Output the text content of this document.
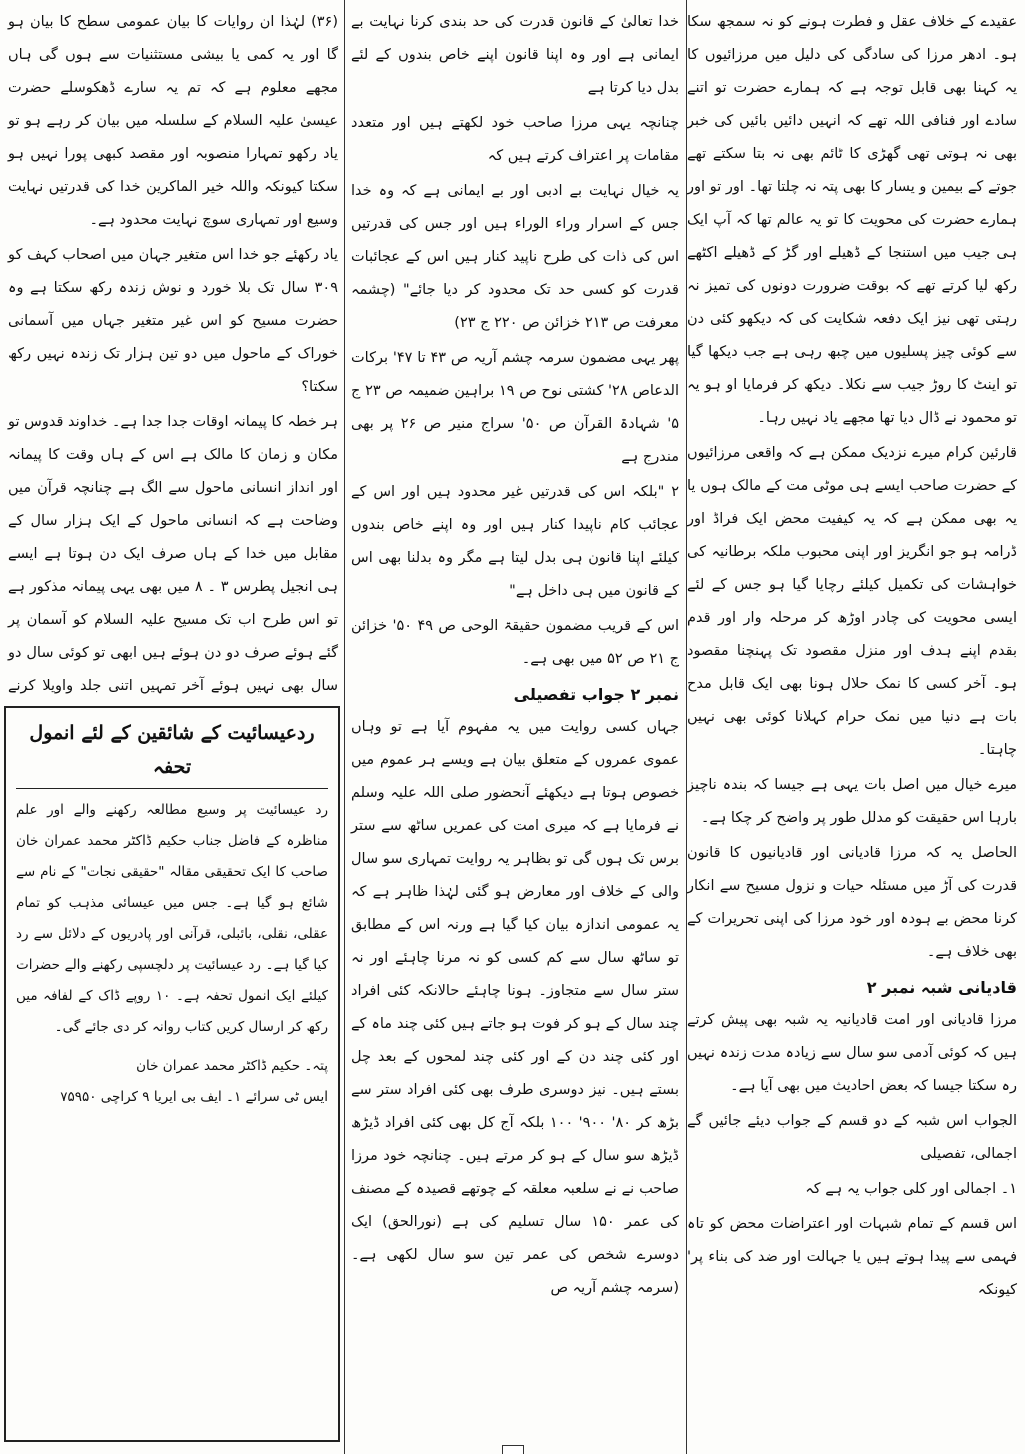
عقیدے کے خلاف عقل و فطرت ہونے کو نہ سمجھ سکا ہو۔ ادھر مرزا کی سادگی کی دلیل میں مرزائیوں کا یہ کہنا بھی قابل توجہ ہے کہ ہمارے حضرت تو اتنے سادے اور فنافی اللہ تھے کہ انہیں دائیں بائیں کی خبر بھی نہ ہوتی تھی گھڑی کا ٹائم بھی نہ بتا سکتے تھے جوتے کے بیمین و یسار کا بھی پتہ نہ چلتا تھا۔ اور تو اور ہمارے حضرت کی محویت کا تو یہ عالم تھا کہ آپ ایک ہی جیب میں استنجا کے ڈھیلے اور گڑ کے ڈھیلے اکٹھے رکھ لیا کرتے تھے کہ بوقت ضرورت دونوں کی تمیز نہ رہتی تھی نیز ایک دفعہ شکایت کی کہ دیکھو کئی دن سے کوئی چیز پسلیوں میں چبھ رہی ہے جب دیکھا گیا تو اینٹ کا روڑ جیب سے نکلا۔ دیکھ کر فرمایا او ہو یہ تو محمود نے ڈال دیا تھا مجھے یاد نہیں رہا۔

قارئین کرام میرے نزدیک ممکن ہے کہ واقعی مرزائیوں کے حضرت صاحب ایسے ہی موٹی مت کے مالک ہوں یا یہ بھی ممکن ہے کہ یہ کیفیت محض ایک فراڈ اور ڈرامہ ہو جو انگریز اور اپنی محبوب ملکہ برطانیہ کی خواہشات کی تکمیل کیلئے رچایا گیا ہو جس کے لئے ایسی محویت کی چادر اوڑھ کر مرحلہ وار اور قدم بقدم اپنے ہدف اور منزل مقصود تک پہنچنا مقصود ہو۔ آخر کسی کا نمک حلال ہونا بھی ایک قابل مدح بات ہے دنیا میں نمک حرام کہلانا کوئی بھی نہیں چاہتا۔

میرے خیال میں اصل بات یہی ہے جیسا کہ بندہ ناچیز بارہا اس حقیقت کو مدلل طور پر واضح کر چکا ہے۔

الحاصل یہ کہ مرزا قادیانی اور قادیانیوں کا قانون قدرت کی آڑ میں مسئلہ حیات و نزول مسیح سے انکار کرنا محض بے ہودہ اور خود مرزا کی اپنی تحریرات کے بھی خلاف ہے۔

قادیانی شبہ نمبر ۲

مرزا قادیانی اور امت قادیانیہ یہ شبہ بھی پیش کرتے ہیں کہ کوئی آدمی سو سال سے زیادہ مدت زندہ نہیں رہ سکتا جیسا کہ بعض احادیث میں بھی آیا ہے۔

الجواب اس شبہ کے دو قسم کے جواب دیئے جائیں گے اجمالی، تفصیلی

۱۔ اجمالی اور کلی جواب یہ ہے کہ

اس قسم کے تمام شبہات اور اعتراضات محض کو تاہ فہمی سے پیدا ہوتے ہیں یا جہالت اور ضد کی بناء پر' کیونکہ

خدا تعالیٰ کے قانون قدرت کی حد بندی کرنا نہایت بے ایمانی ہے اور وہ اپنا قانون اپنے خاص بندوں کے لئے بدل دیا کرتا ہے

چنانچہ یہی مرزا صاحب خود لکھتے ہیں اور متعدد مقامات پر اعتراف کرتے ہیں کہ

یہ خیال نہایت بے ادبی اور بے ایمانی ہے کہ وہ خدا جس کے اسرار وراء الوراء ہیں اور جس کی قدرتیں اس کی ذات کی طرح ناپید کنار ہیں اس کے عجائبات قدرت کو کسی حد تک محدود کر دیا جائے" (چشمہ معرفت ص ۲۱۳ خزائن ص ۲۲۰ ج ۲۳)

پھر یہی مضمون سرمہ چشم آریہ ص ۴۳ تا ۴۷' برکات الدعاص ۲۸' کشتی نوح ص ۱۹ براہین ضمیمہ ص ۲۳ ج ۵' شہادۃ القرآن ص ۵۰' سراج منیر ص ۲۶ پر بھی مندرج ہے

۲ "بلکہ اس کی قدرتیں غیر محدود ہیں اور اس کے عجائب کام ناپیدا کنار ہیں اور وہ اپنے خاص بندوں کیلئے اپنا قانون ہی بدل لیتا ہے مگر وہ بدلنا بھی اس کے قانون میں ہی داخل ہے"

اس کے قریب مضمون حقیقۃ الوحی ص ۴۹ ۵۰' خزائن ج ۲۱ ص ۵۲ میں بھی ہے۔

نمبر ۲ جواب تفصیلی

جہاں کسی روایت میں یہ مفہوم آیا ہے تو وہاں عموی عمروں کے متعلق بیان ہے ویسے ہر عموم میں خصوص ہوتا ہے دیکھئے آنحضور صلی اللہ علیہ وسلم نے فرمایا ہے کہ میری امت کی عمریں ساٹھ سے ستر برس تک ہوں گی تو بظاہر یہ روایت تمہاری سو سال والی کے خلاف اور معارض ہو گئی لہٰذا ظاہر ہے کہ یہ عمومی اندازہ بیان کیا گیا ہے ورنہ اس کے مطابق تو ساٹھ سال سے کم کسی کو نہ مرنا چاہئے اور نہ ستر سال سے متجاوز۔ ہونا چاہئے حالانکہ کئی افراد چند سال کے ہو کر فوت ہو جاتے ہیں کئی چند ماہ کے اور کئی چند دن کے اور کئی چند لمحوں کے بعد چل بستے ہیں۔ نیز دوسری طرف بھی کئی افراد ستر سے بڑھ کر ۸۰' ۹۰۰' ۱۰۰ بلکہ آج کل بھی کئی افراد ڈیڑھ ڈیڑھ سو سال کے ہو کر مرتے ہیں۔ چنانچہ خود مرزا صاحب نے نے سلعبہ معلقہ کے چوتھے قصیدہ کے مصنف کی عمر ۱۵۰ سال تسلیم کی ہے (نورالحق) ایک دوسرے شخص کی عمر تین سو سال لکھی ہے۔ (سرمہ چشم آریہ ص

(۳۶) لہٰذا ان روایات کا بیان عمومی سطح کا بیان ہو گا اور یہ کمی یا بیشی مستثنیات سے ہوں گی ہاں مجھے معلوم ہے کہ تم یہ سارے ڈھکوسلے حضرت عیسیٰ علیہ السلام کے سلسلہ میں بیان کر رہے ہو تو یاد رکھو تمہارا منصوبہ اور مقصد کبھی پورا نہیں ہو سکتا کیونکہ واللہ خیر الماکرین خدا کی قدرتیں نہایت وسیع اور تمہاری سوچ نہایت محدود ہے۔

یاد رکھئے جو خدا اس متغیر جہان میں اصحاب کہف کو ۳۰۹ سال تک بلا خورد و نوش زندہ رکھ سکتا ہے وہ حضرت مسیح کو اس غیر متغیر جہاں میں آسمانی خوراک کے ماحول میں دو تین ہزار تک زندہ نہیں رکھ سکتا؟

ہر خطہ کا پیمانہ اوقات جدا جدا ہے۔ خداوند قدوس تو مکان و زمان کا مالک ہے اس کے ہاں وقت کا پیمانہ اور انداز انسانی ماحول سے الگ ہے چنانچہ قرآن میں وضاحت ہے کہ انسانی ماحول کے ایک ہزار سال کے مقابل میں خدا کے ہاں صرف ایک دن ہوتا ہے ایسے ہی انجیل پطرس ۳ ۔ ۸ میں بھی یہی پیمانہ مذکور ہے تو اس طرح اب تک مسیح علیہ السلام کو آسمان پر گئے ہوئے صرف دو دن ہوئے ہیں ابھی تو کوئی سال دو سال بھی نہیں ہوئے آخر تمہیں اتنی جلد واویلا کرنے

ردعیسائیت کے شائقین کے لئے انمول تحفہ

رد عیسائیت پر وسیع مطالعہ رکھنے والے اور علم مناظرہ کے فاضل جناب حکیم ڈاکٹر محمد عمران خان صاحب کا ایک تحقیقی مقالہ "حقیقی نجات" کے نام سے شائع ہو گیا ہے۔ جس میں عیسائی مذہب کو تمام عقلی، نقلی، بائبلی، قرآنی اور پادریوں کے دلائل سے رد کیا گیا ہے۔ رد عیسائیت پر دلچسپی رکھنے والے حضرات کیلئے ایک انمول تحفہ ہے۔ ۱۰ روپے ڈاک کے لفافہ میں رکھ کر ارسال کریں کتاب روانہ کر دی جائے گی۔

پتہ۔ حکیم ڈاکٹر محمد عمران خان
ایس ٹی سرائے ۱۔ ایف بی ایریا ۹ کراچی ۷۵۹۵۰
